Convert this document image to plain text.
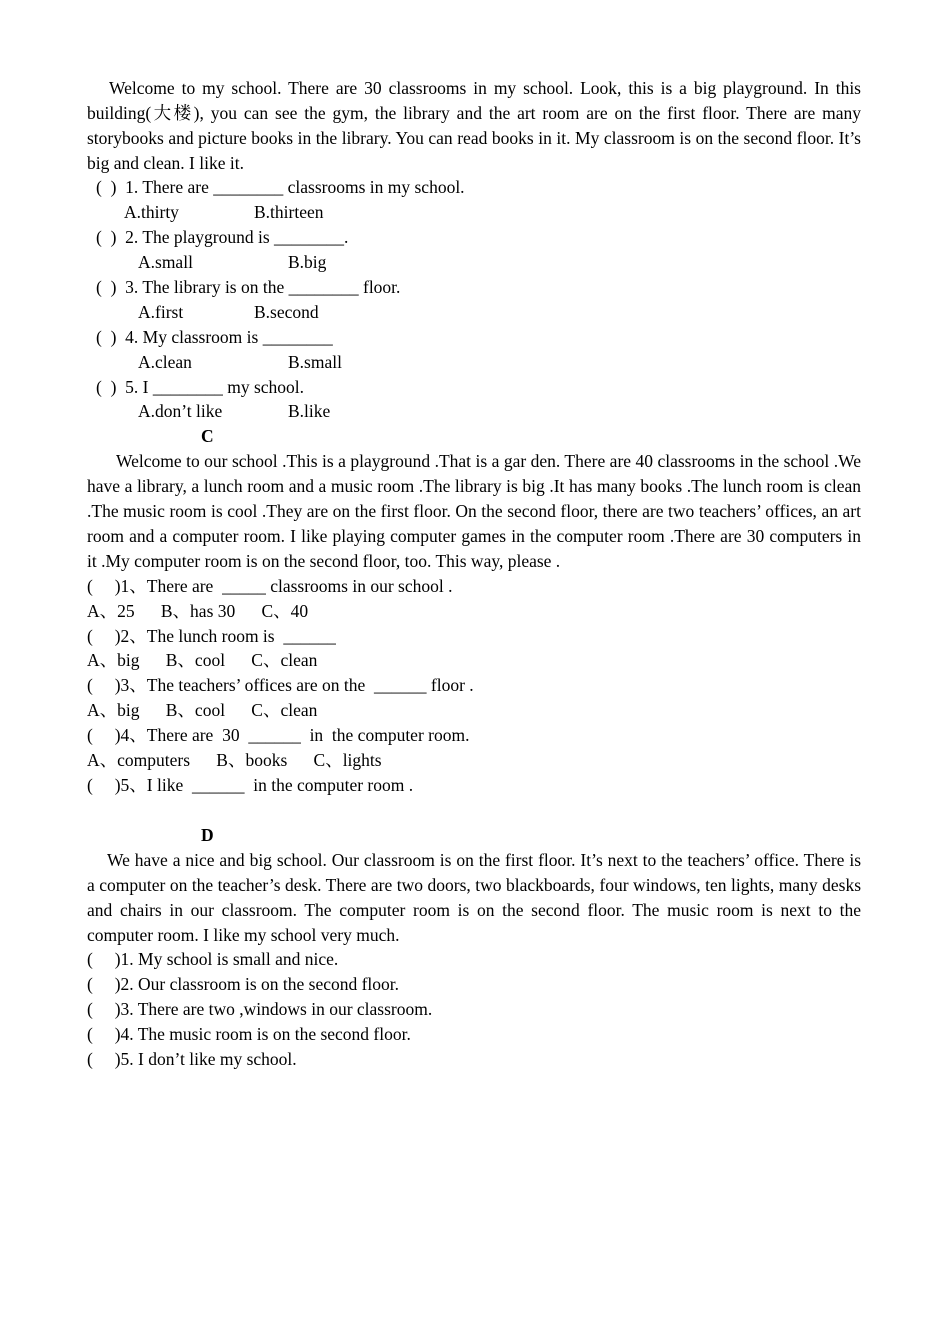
Welcome to my school. There are 30 classrooms in my school. Look, this is a big playground. In this building(大楼), you can see the gym, the library and the art room are on the first floor. There are many storybooks and picture books in the library. You can read books in it. My classroom is on the second floor. It’s big and clean. I like it.

(  )  1. There are ________ classrooms in my school.

A.thirty	B.thirteen

(  )  2. The playground is ________.

A.small	B.big

(  )  3. The library is on the ________ floor.

A.first	B.second

(  )  4. My classroom is ________

A.clean	B.small

(  )  5. I ________ my school.

A.don’t like	B.like

C

Welcome to our school .This is a playground .That is a gar den. There are 40 classrooms in the school .We have a library, a lunch room and a music room .The library is big .It has many books .The lunch room is clean .The music room is cool .They are on the first floor. On the second floor, there are two teachers’ offices, an art room and a computer room. I like playing computer games in the computer room .There are 30 computers in it .My computer room is on the second floor, too. This way, please .

(     )1、There are  _____ classrooms in our school .

A、25      B、has 30      C、40

(     )2、The lunch room is  ______

A、big      B、cool      C、clean

(     )3、The teachers’ offices are on the  ______ floor .

A、big      B、cool      C、clean

(     )4、There are  30  ______  in  the computer room.

A、computers      B、books      C、lights

(     )5、I like  ______  in the computer room .

D

We have a nice and big school. Our classroom is on the first floor. It’s next to the teachers’ office. There is a computer on the teacher’s desk. There are two doors, two blackboards, four windows, ten lights, many desks and chairs in our classroom. The computer room is on the second floor. The music room is next to the computer room. I like my school very much.

(     )1. My school is small and nice.

(     )2. Our classroom is on the second floor.

(     )3. There are two ,windows in our classroom.

(     )4. The music room is on the second floor.

(     )5. I don’t like my school.
